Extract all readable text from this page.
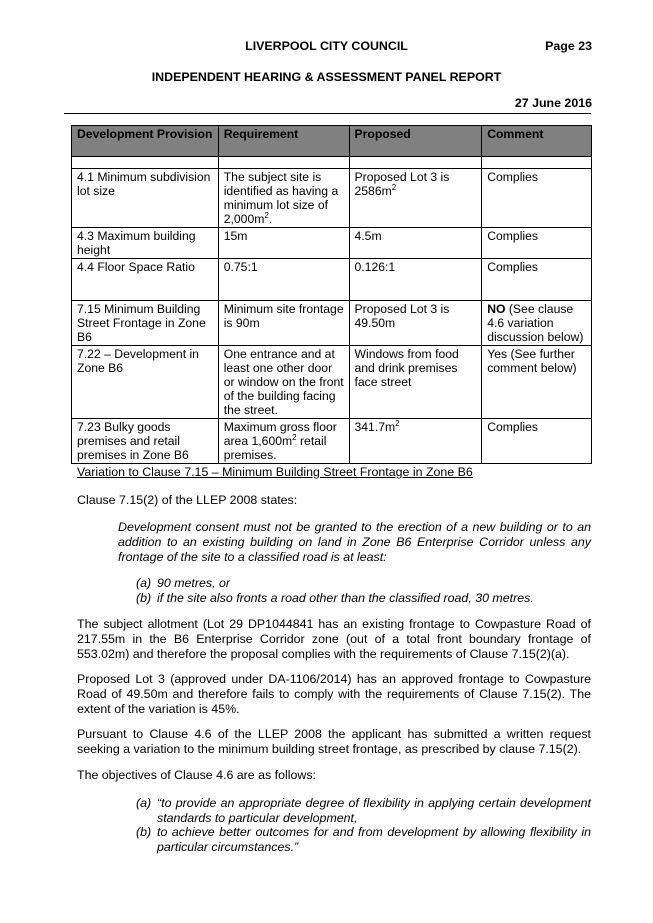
LIVERPOOL CITY COUNCIL	Page 23
INDEPENDENT HEARING & ASSESSMENT PANEL REPORT
27 June 2016
Development Provision	Requirement	Proposed	Comment

4.1 Minimum subdivision lot size	The subject site is identified as having a minimum lot size of $2,000m^2$.	Proposed Lot 3 is $2586m^2$	Complies
4.3 Maximum building height	15m	4.5m	Complies
4.4 Floor Space Ratio	0.75:1	0.126:1	Complies
7.15 Minimum Building Street Frontage in Zone B6	Minimum site frontage is 90m	Proposed Lot 3 is 49.50m	NO (See clause 4.6 variation discussion below)
7.22 – Development in Zone B6	One entrance and at least one other door or window on the front of the building facing the street.	Windows from food and drink premises face street	Yes (See further comment below)
7.23 Bulky goods premises and retail premises in Zone B6	Maximum gross floor area $1,600m^2$ retail premises.	$341.7m^2$	Complies
Variation to Clause 7.15 – Minimum Building Street Frontage in Zone B6
Clause 7.15(2) of the LLEP 2008 states:
Development consent must not be granted to the erection of a new building or to an addition to an existing building on land in Zone B6 Enterprise Corridor unless any frontage of the site to a classified road is at least:
(a) 90 metres, or
(b) if the site also fronts a road other than the classified road, 30 metres.
The subject allotment (Lot 29 DP1044841 has an existing frontage to Cowpasture Road of 217.55m in the B6 Enterprise Corridor zone (out of a total front boundary frontage of 553.02m) and therefore the proposal complies with the requirements of Clause 7.15(2)(a).
Proposed Lot 3 (approved under DA-1106/2014) has an approved frontage to Cowpasture Road of 49.50m and therefore fails to comply with the requirements of Clause 7.15(2). The extent of the variation is 45%.
Pursuant to Clause 4.6 of the LLEP 2008 the applicant has submitted a written request seeking a variation to the minimum building street frontage, as prescribed by clause 7.15(2).
The objectives of Clause 4.6 are as follows:
(a) “to provide an appropriate degree of flexibility in applying certain development standards to particular development,
(b) to achieve better outcomes for and from development by allowing flexibility in particular circumstances.”
